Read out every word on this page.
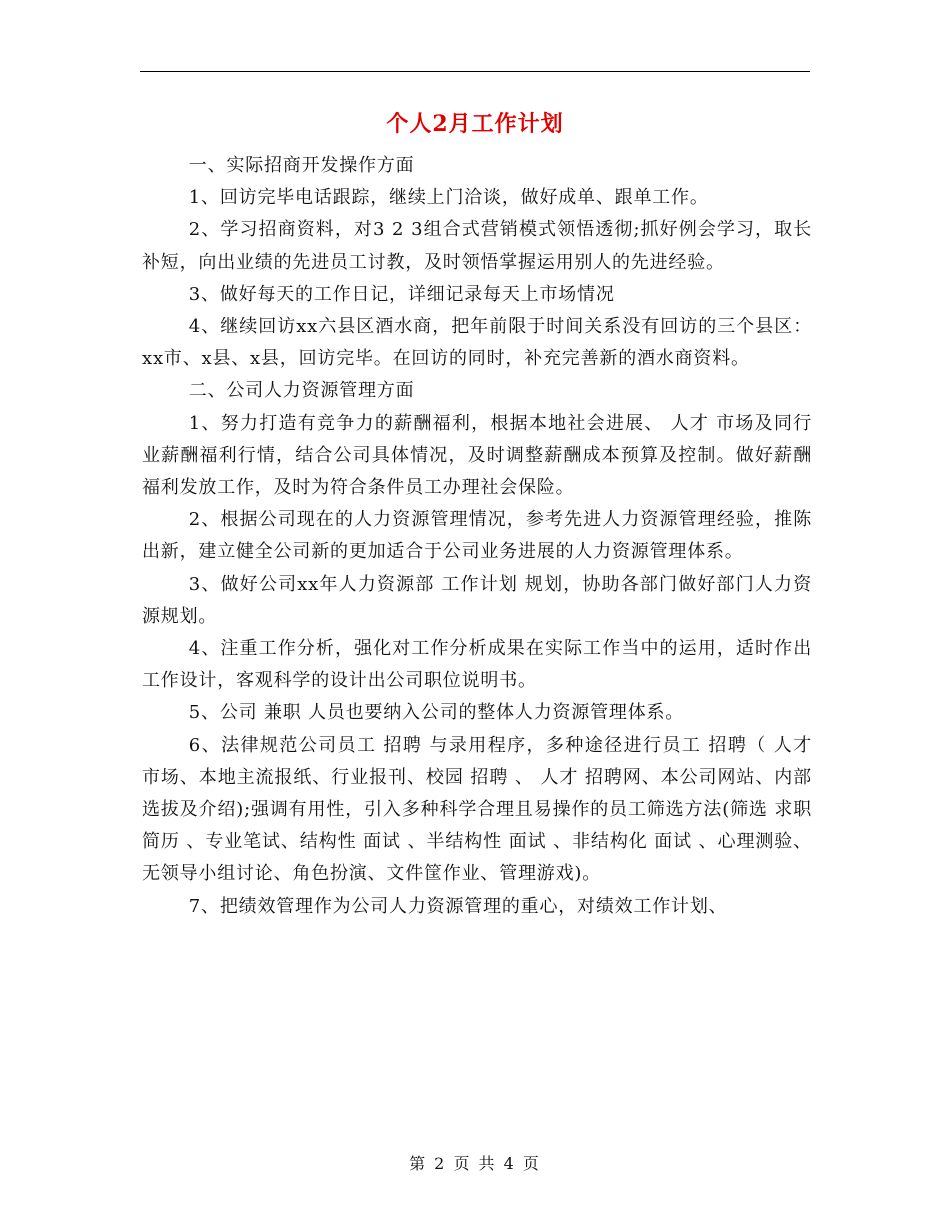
个人2月工作计划

一、实际招商开发操作方面

1、回访完毕电话跟踪，继续上门洽谈，做好成单、跟单工作。

2、学习招商资料，对3 2 3组合式营销模式领悟透彻;抓好例会学习，取长补短，向出业绩的先进员工讨教，及时领悟掌握运用别人的先进经验。

3、做好每天的工作日记，详细记录每天上市场情况

4、继续回访xx六县区酒水商，把年前限于时间关系没有回访的三个县区：xx市、x县、x县，回访完毕。在回访的同时，补充完善新的酒水商资料。

二、公司人力资源管理方面

1、努力打造有竞争力的薪酬福利，根据本地社会进展、 人才 市场及同行业薪酬福利行情，结合公司具体情况，及时调整薪酬成本预算及控制。做好薪酬福利发放工作，及时为符合条件员工办理社会保险。

2、根据公司现在的人力资源管理情况，参考先进人力资源管理经验，推陈出新，建立健全公司新的更加适合于公司业务进展的人力资源管理体系。

3、做好公司xx年人力资源部 工作计划 规划，协助各部门做好部门人力资源规划。

4、注重工作分析，强化对工作分析成果在实际工作当中的运用，适时作出工作设计，客观科学的设计出公司职位说明书。

5、公司 兼职 人员也要纳入公司的整体人力资源管理体系。

6、法律规范公司员工 招聘 与录用程序，多种途径进行员工 招聘（ 人才 市场、本地主流报纸、行业报刊、校园 招聘 、 人才 招聘网、本公司网站、内部选拔及介绍);强调有用性，引入多种科学合理且易操作的员工筛选方法(筛选 求职 简历 、专业笔试、结构性 面试 、半结构性 面试 、非结构化 面试 、心理测验、无领导小组讨论、角色扮演、文件筐作业、管理游戏)。

7、把绩效管理作为公司人力资源管理的重心，对绩效工作计划、

第 2 页 共 4 页
